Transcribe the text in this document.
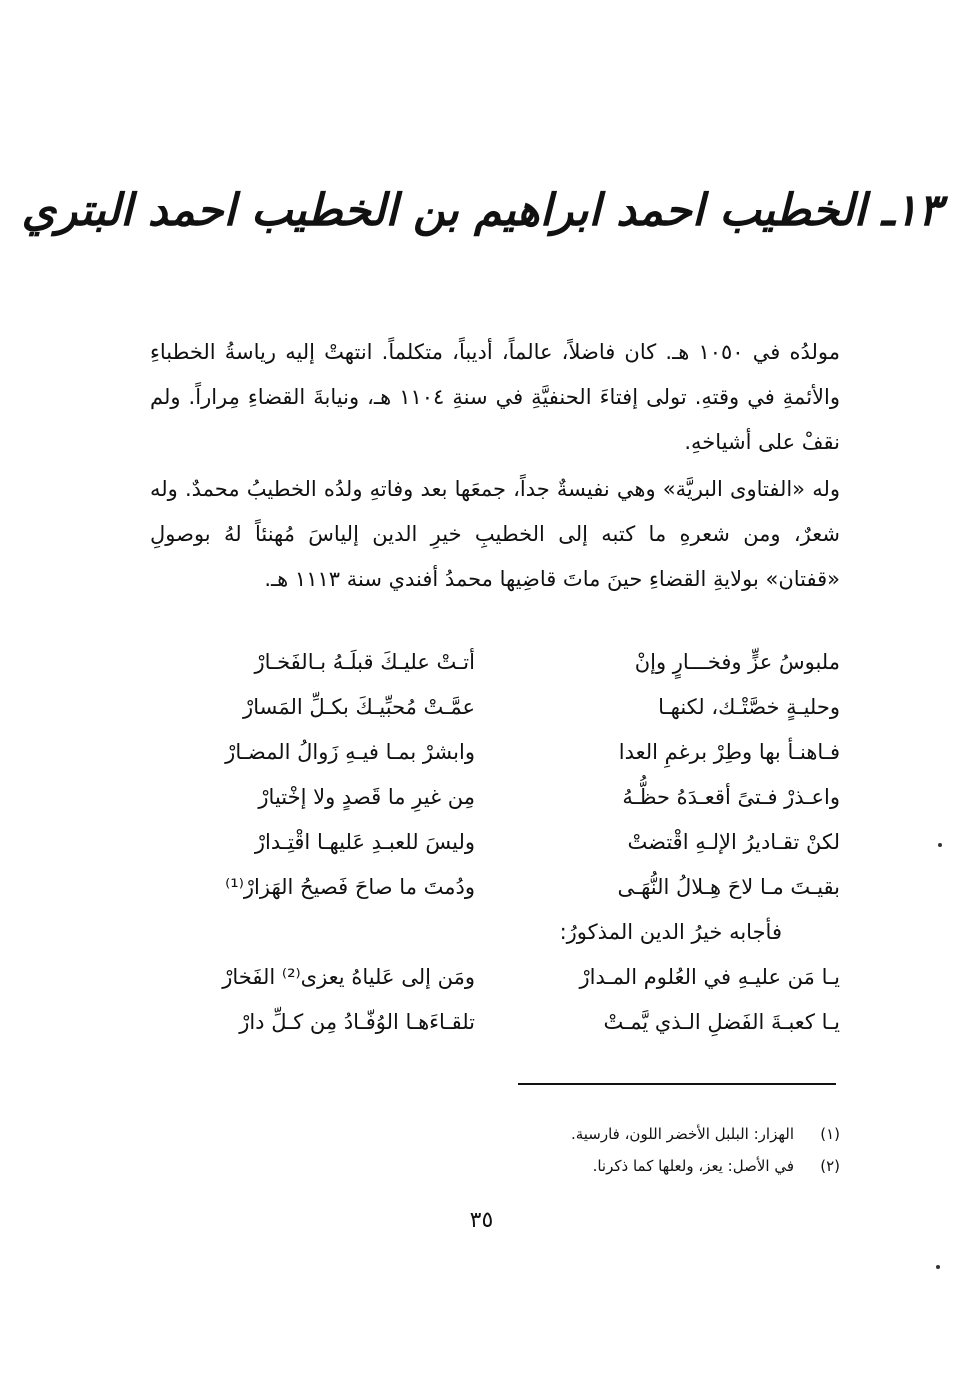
١٣ـ الخطيب احمد ابراهيم بن الخطيب احمد البتري

مولدُه في ١٠٥٠ هـ. كان فاضلاً، عالماً، أديباً، متكلماً. انتهتْ إليه رياسةُ الخطباءِ والأئمةِ في وقتهِ. تولى إفتاءَ الحنفيَّةِ في سنةِ ١١٠٤ هـ، ونيابةَ القضاءِ مِراراً. ولم نقفْ على أشياخهِ.

وله «الفتاوى البريَّة» وهي نفيسةٌ جداً، جمعَها بعد وفاتهِ ولدُه الخطيبُ محمدٌ. وله شعرٌ، ومن شعرهِ ما كتبه إلى الخطيبِ خيرِ الدين إلياسَ مُهنئاً لهُ بوصولِ «قفتان» بولايةِ القضاءِ حينَ ماتَ قاضِيها محمدُ أفندي سنة ١١١٣ هـ.

ملبوسُ عزٍّ وفخـــارٍ وإنْ
أتـتْ عليـكَ قبلَـهُ بـالفَخـارْ
وحليـةٍ خصَّتْـك، لكنهـا
عمَّـتْ مُحبِّيـكَ بكـلِّ المَسارْ
فـاهنـأ بها وطِرْ برغمِ العدا
وابشرْ بمـا فيـهِ زَوالُ المضـارْ
واعـذرْ فـتىً أقعـدَهُ حظُّـهُ
مِن غيرِ ما قَصدٍ ولا إخْتيارْ
لكنْ تقـاديرُ الإلـهِ اقْتضتْ
وليسَ للعبـدِ عَليهـا اقْتِـدارْ
بقيـتَ مـا لاحَ هِـلالُ النُّهَـى
ودُمتَ ما صاحَ فَصيحُ الهَزارْ⁽¹⁾
فأجابه خيرُ الدين المذكورُ:
يـا مَن عليـهِ في العُلوم المـدارْ
ومَن إلى عَلياهُ يعزى⁽²⁾ الفَخارْ
يـا كعبـةَ الفَضلِ الـذي يَّمـتْ
تلقـاءَهـا الوُفّـادُ مِن كـلِّ دارْ
(١)
الهزار: البلبل الأخضر اللون، فارسية.
(٢)
في الأصل: يعز، ولعلها كما ذكرنا.
٣٥
